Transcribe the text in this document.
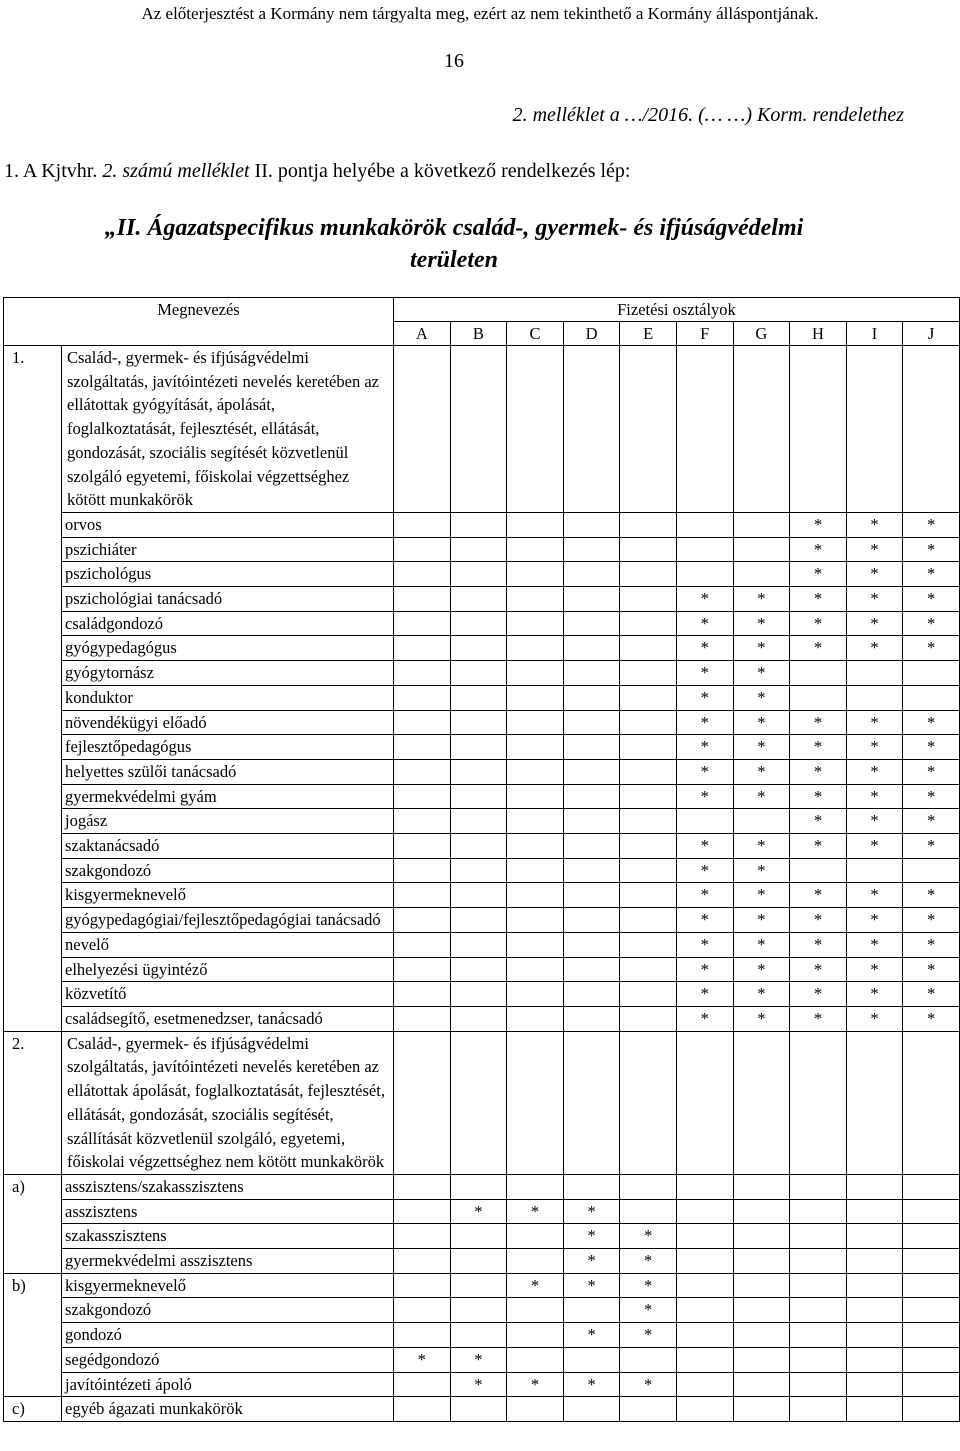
Az előterjesztést a Kormány nem tárgyalta meg, ezért az nem tekinthető a Kormány álláspontjának.
16
2. melléklet a …/2016. (… …) Korm. rendelethez
1. A Kjtvhr. 2. számú melléklet II. pontja helyébe a következő rendelkezés lép:
„II. Ágazatspecifikus munkakörök család-, gyermek- és ifjúságvédelmi
területen
Megnevezés		Fizetési osztályok									
		A	B	C	D	E	F	G	H	I	J
1.	Család-, gyermek- és ifjúságvédelmi szolgáltatás, javítóintézeti nevelés keretében az ellátottak gyógyítását, ápolását, foglalkoztatását, fejlesztését, ellátását, gondozását, szociális segítését közvetlenül szolgáló egyetemi, főiskolai végzettséghez kötött munkakörök										
	orvos								*	*	*
	pszichiáter								*	*	*
	pszichológus								*	*	*
	pszichológiai tanácsadó						*	*	*	*	*
	családgondozó						*	*	*	*	*
	gyógypedagógus						*	*	*	*	*
	gyógytornász						*	*			
	konduktor						*	*			
	növendékügyi előadó						*	*	*	*	*
	fejlesztőpedagógus						*	*	*	*	*
	helyettes szülői tanácsadó						*	*	*	*	*
	gyermekvédelmi gyám						*	*	*	*	*
	jogász								*	*	*
	szaktanácsadó						*	*	*	*	*
	szakgondozó						*	*			
	kisgyermeknevelő						*	*	*	*	*
	gyógypedagógiai/fejlesztőpedagógiai tanácsadó						*	*	*	*	*
	nevelő						*	*	*	*	*
	elhelyezési ügyintéző						*	*	*	*	*
	közvetítő						*	*	*	*	*
	családsegítő, esetmenedzser, tanácsadó						*	*	*	*	*
2.	Család-, gyermek- és ifjúságvédelmi szolgáltatás, javítóintézeti nevelés keretében az ellátottak ápolását, foglalkoztatását, fejlesztését, ellátását, gondozását, szociális segítését, szállítását közvetlenül szolgáló, egyetemi, főiskolai végzettséghez nem kötött munkakörök										
a)	asszisztens/szakasszisztens										
	asszisztens		*	*	*						
	szakasszisztens				*	*					
	gyermekvédelmi asszisztens				*	*					
b)	kisgyermeknevelő			*	*	*					
	szakgondozó					*					
	gondozó				*	*					
	segédgondozó	*	*								
	javítóintézeti ápoló		*	*	*	*					
c)	egyéb ágazati munkakörök										
